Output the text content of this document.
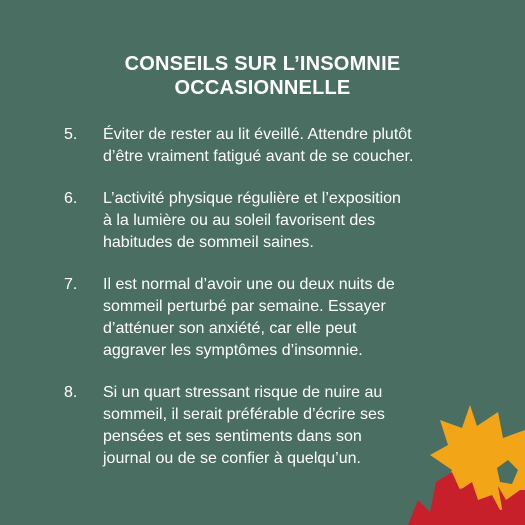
CONSEILS SUR L’INSOMNIE
OCCASIONNELLE
5. Éviter de rester au lit éveillé. Attendre plutôt
d’être vraiment fatigué avant de se coucher.
6. L’activité physique régulière et l’exposition
à la lumière ou au soleil favorisent des
habitudes de sommeil saines.
7. Il est normal d’avoir une ou deux nuits de
sommeil perturbé par semaine. Essayer
d’atténuer son anxiété, car elle peut
aggraver les symptômes d’insomnie.
8. Si un quart stressant risque de nuire au
sommeil, il serait préférable d’écrire ses
pensées et ses sentiments dans son
journal ou de se confier à quelqu’un.
